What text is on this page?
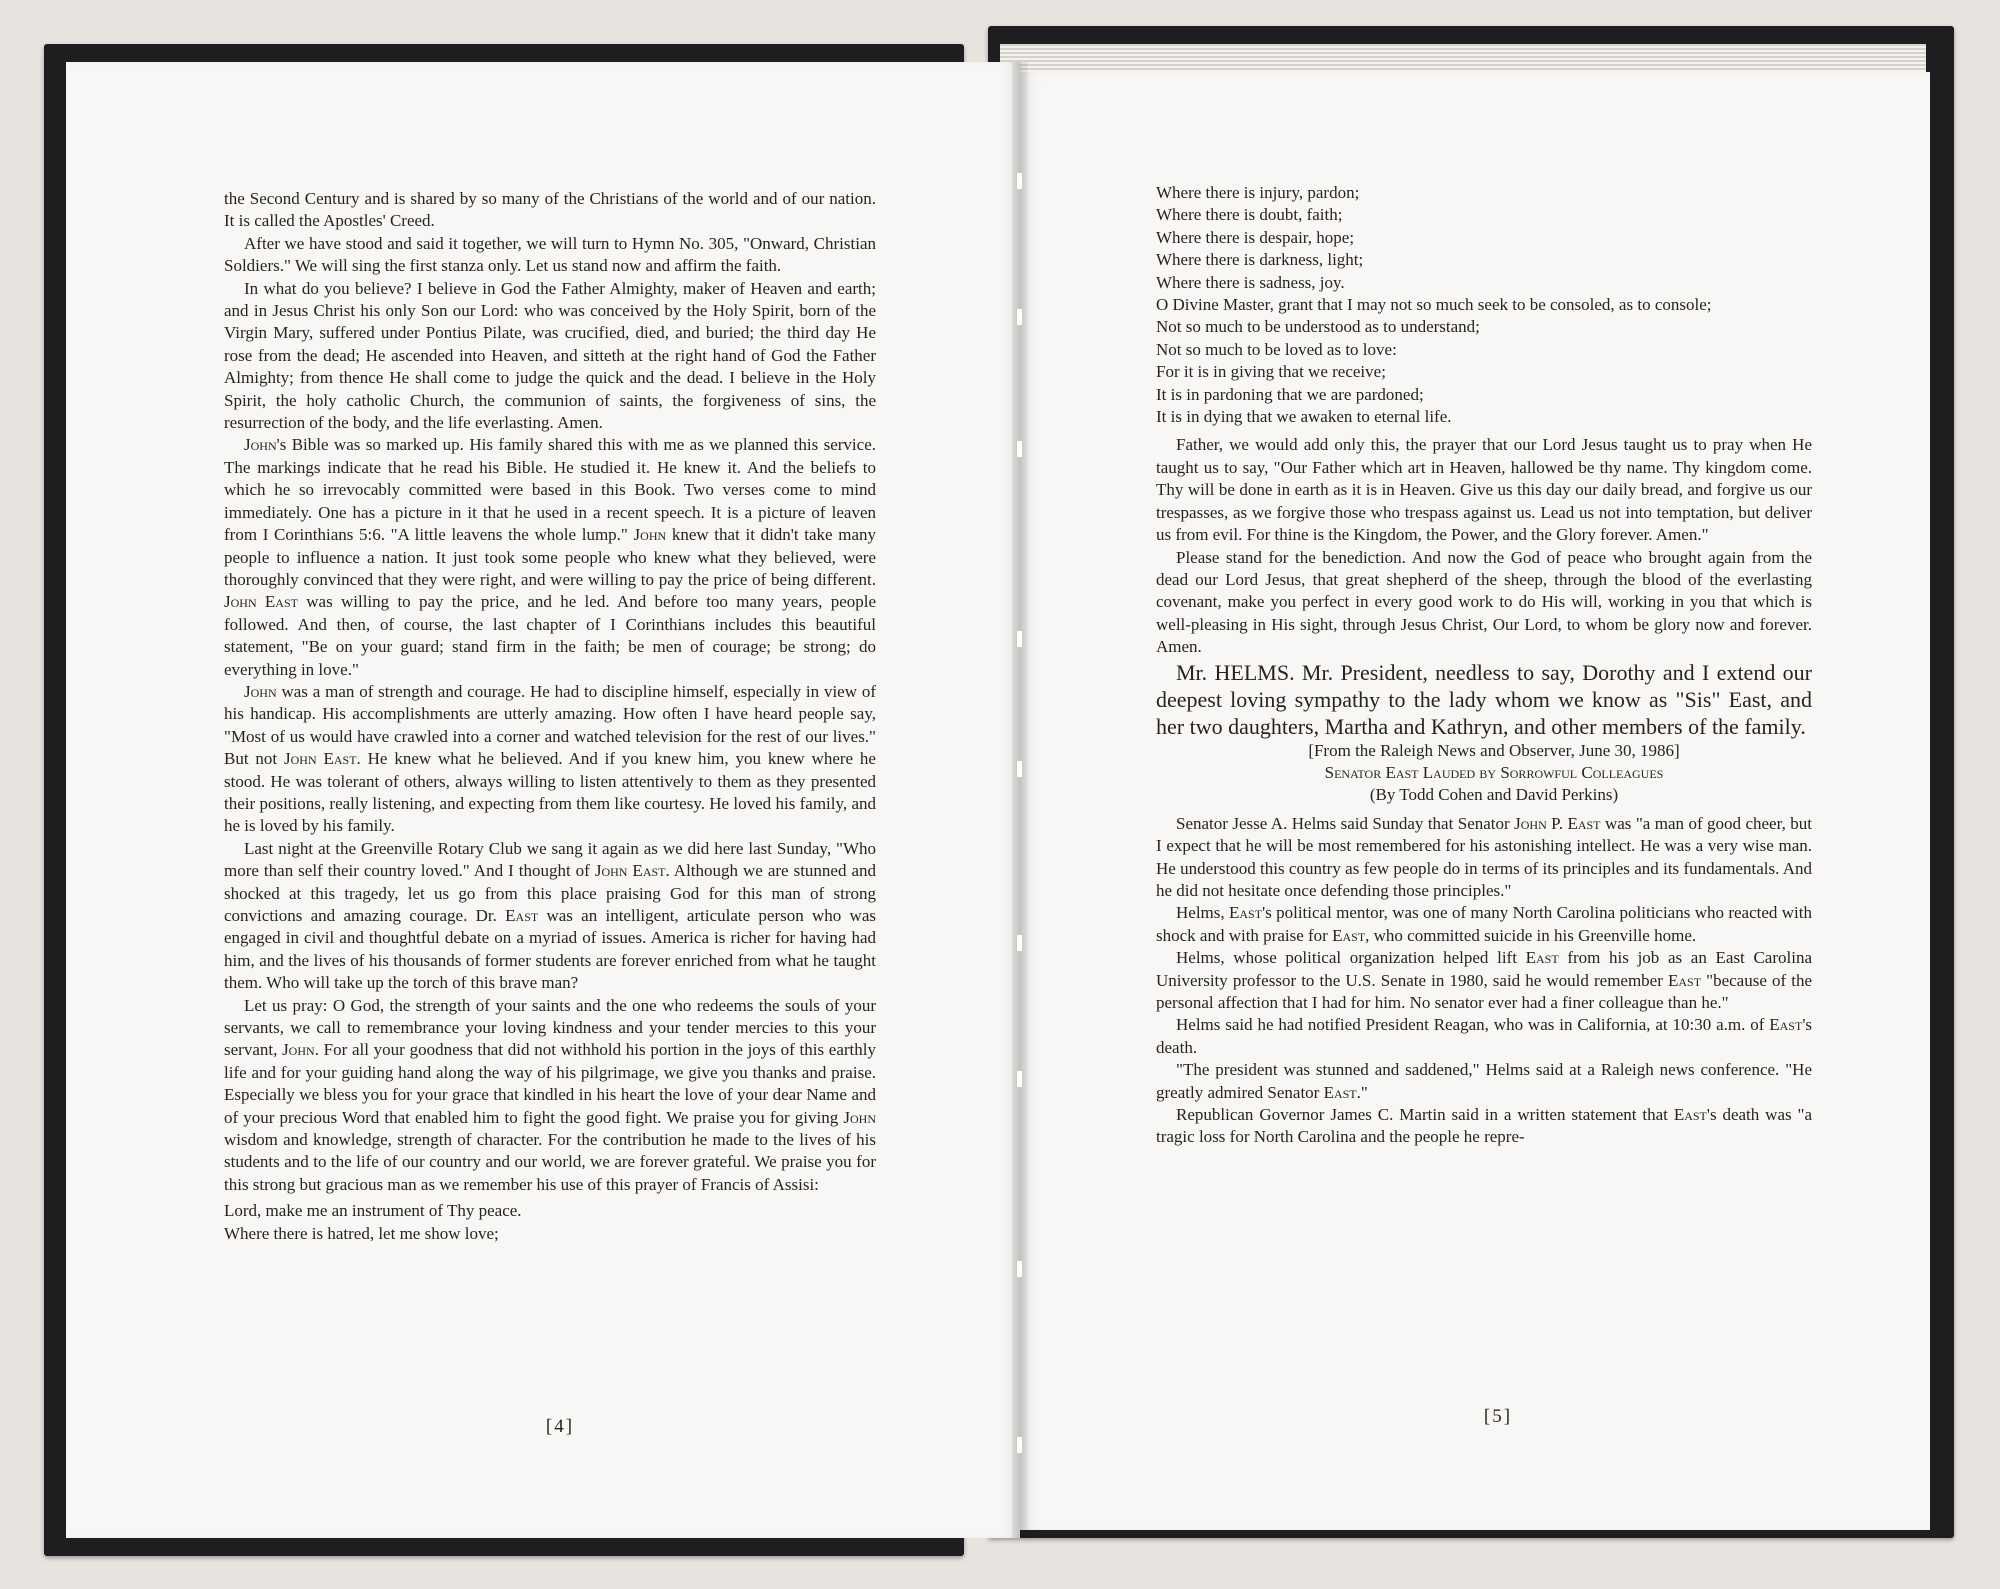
the Second Century and is shared by so many of the Christians of the world and of our nation. It is called the Apostles' Creed.

After we have stood and said it together, we will turn to Hymn No. 305, "Onward, Christian Soldiers." We will sing the first stanza only. Let us stand now and affirm the faith.

In what do you believe? I believe in God the Father Almighty, maker of Heaven and earth; and in Jesus Christ his only Son our Lord: who was conceived by the Holy Spirit, born of the Virgin Mary, suffered under Pontius Pilate, was crucified, died, and buried; the third day He rose from the dead; He ascended into Heaven, and sitteth at the right hand of God the Father Almighty; from thence He shall come to judge the quick and the dead. I believe in the Holy Spirit, the holy catholic Church, the communion of saints, the forgiveness of sins, the resurrection of the body, and the life everlasting. Amen.

John's Bible was so marked up. His family shared this with me as we planned this service. The markings indicate that he read his Bible. He studied it. He knew it. And the beliefs to which he so irrevocably committed were based in this Book. Two verses come to mind immediately. One has a picture in it that he used in a recent speech. It is a picture of leaven from I Corinthians 5:6. "A little leavens the whole lump." John knew that it didn't take many people to influence a nation. It just took some people who knew what they believed, were thoroughly convinced that they were right, and were willing to pay the price of being different. John East was willing to pay the price, and he led. And before too many years, people followed. And then, of course, the last chapter of I Corinthians includes this beautiful statement, "Be on your guard; stand firm in the faith; be men of courage; be strong; do everything in love."

John was a man of strength and courage. He had to discipline himself, especially in view of his handicap. His accomplishments are utterly amazing. How often I have heard people say, "Most of us would have crawled into a corner and watched television for the rest of our lives." But not John East. He knew what he believed. And if you knew him, you knew where he stood. He was tolerant of others, always willing to listen attentively to them as they presented their positions, really listening, and expecting from them like courtesy. He loved his family, and he is loved by his family.

Last night at the Greenville Rotary Club we sang it again as we did here last Sunday, "Who more than self their country loved." And I thought of John East. Although we are stunned and shocked at this tragedy, let us go from this place praising God for this man of strong convictions and amazing courage. Dr. East was an intelligent, articulate person who was engaged in civil and thoughtful debate on a myriad of issues. America is richer for having had him, and the lives of his thousands of former students are forever enriched from what he taught them. Who will take up the torch of this brave man?

Let us pray: O God, the strength of your saints and the one who redeems the souls of your servants, we call to remembrance your loving kindness and your tender mercies to this your servant, John. For all your goodness that did not withhold his portion in the joys of this earthly life and for your guiding hand along the way of his pilgrimage, we give you thanks and praise. Especially we bless you for your grace that kindled in his heart the love of your dear Name and of your precious Word that enabled him to fight the good fight. We praise you for giving John wisdom and knowledge, strength of character. For the contribution he made to the lives of his students and to the life of our country and our world, we are forever grateful. We praise you for this strong but gracious man as we remember his use of this prayer of Francis of Assisi:

Lord, make me an instrument of Thy peace.
Where there is hatred, let me show love;
[4]
Where there is injury, pardon;
Where there is doubt, faith;
Where there is despair, hope;
Where there is darkness, light;
Where there is sadness, joy.
O Divine Master, grant that I may not so much seek to be consoled, as to console;
Not so much to be understood as to understand;
Not so much to be loved as to love:
For it is in giving that we receive;
It is in pardoning that we are pardoned;
It is in dying that we awaken to eternal life.

Father, we would add only this, the prayer that our Lord Jesus taught us to pray when He taught us to say, "Our Father which art in Heaven, hallowed be thy name. Thy kingdom come. Thy will be done in earth as it is in Heaven. Give us this day our daily bread, and forgive us our trespasses, as we forgive those who trespass against us. Lead us not into temptation, but deliver us from evil. For thine is the Kingdom, the Power, and the Glory forever. Amen."

Please stand for the benediction. And now the God of peace who brought again from the dead our Lord Jesus, that great shepherd of the sheep, through the blood of the everlasting covenant, make you perfect in every good work to do His will, working in you that which is well-pleasing in His sight, through Jesus Christ, Our Lord, to whom be glory now and forever. Amen.

Mr. HELMS. Mr. President, needless to say, Dorothy and I extend our deepest loving sympathy to the lady whom we know as "Sis" East, and her two daughters, Martha and Kathryn, and other members of the family.

[From the Raleigh News and Observer, June 30, 1986]

Senator East Lauded by Sorrowful Colleagues

(By Todd Cohen and David Perkins)

Senator Jesse A. Helms said Sunday that Senator John P. East was "a man of good cheer, but I expect that he will be most remembered for his astonishing intellect. He was a very wise man. He understood this country as few people do in terms of its principles and its fundamentals. And he did not hesitate once defending those principles."

Helms, East's political mentor, was one of many North Carolina politicians who reacted with shock and with praise for East, who committed suicide in his Greenville home.

Helms, whose political organization helped lift East from his job as an East Carolina University professor to the U.S. Senate in 1980, said he would remember East "because of the personal affection that I had for him. No senator ever had a finer colleague than he."

Helms said he had notified President Reagan, who was in California, at 10:30 a.m. of East's death.

"The president was stunned and saddened," Helms said at a Raleigh news conference. "He greatly admired Senator East."

Republican Governor James C. Martin said in a written statement that East's death was "a tragic loss for North Carolina and the people he repre-

[5]
